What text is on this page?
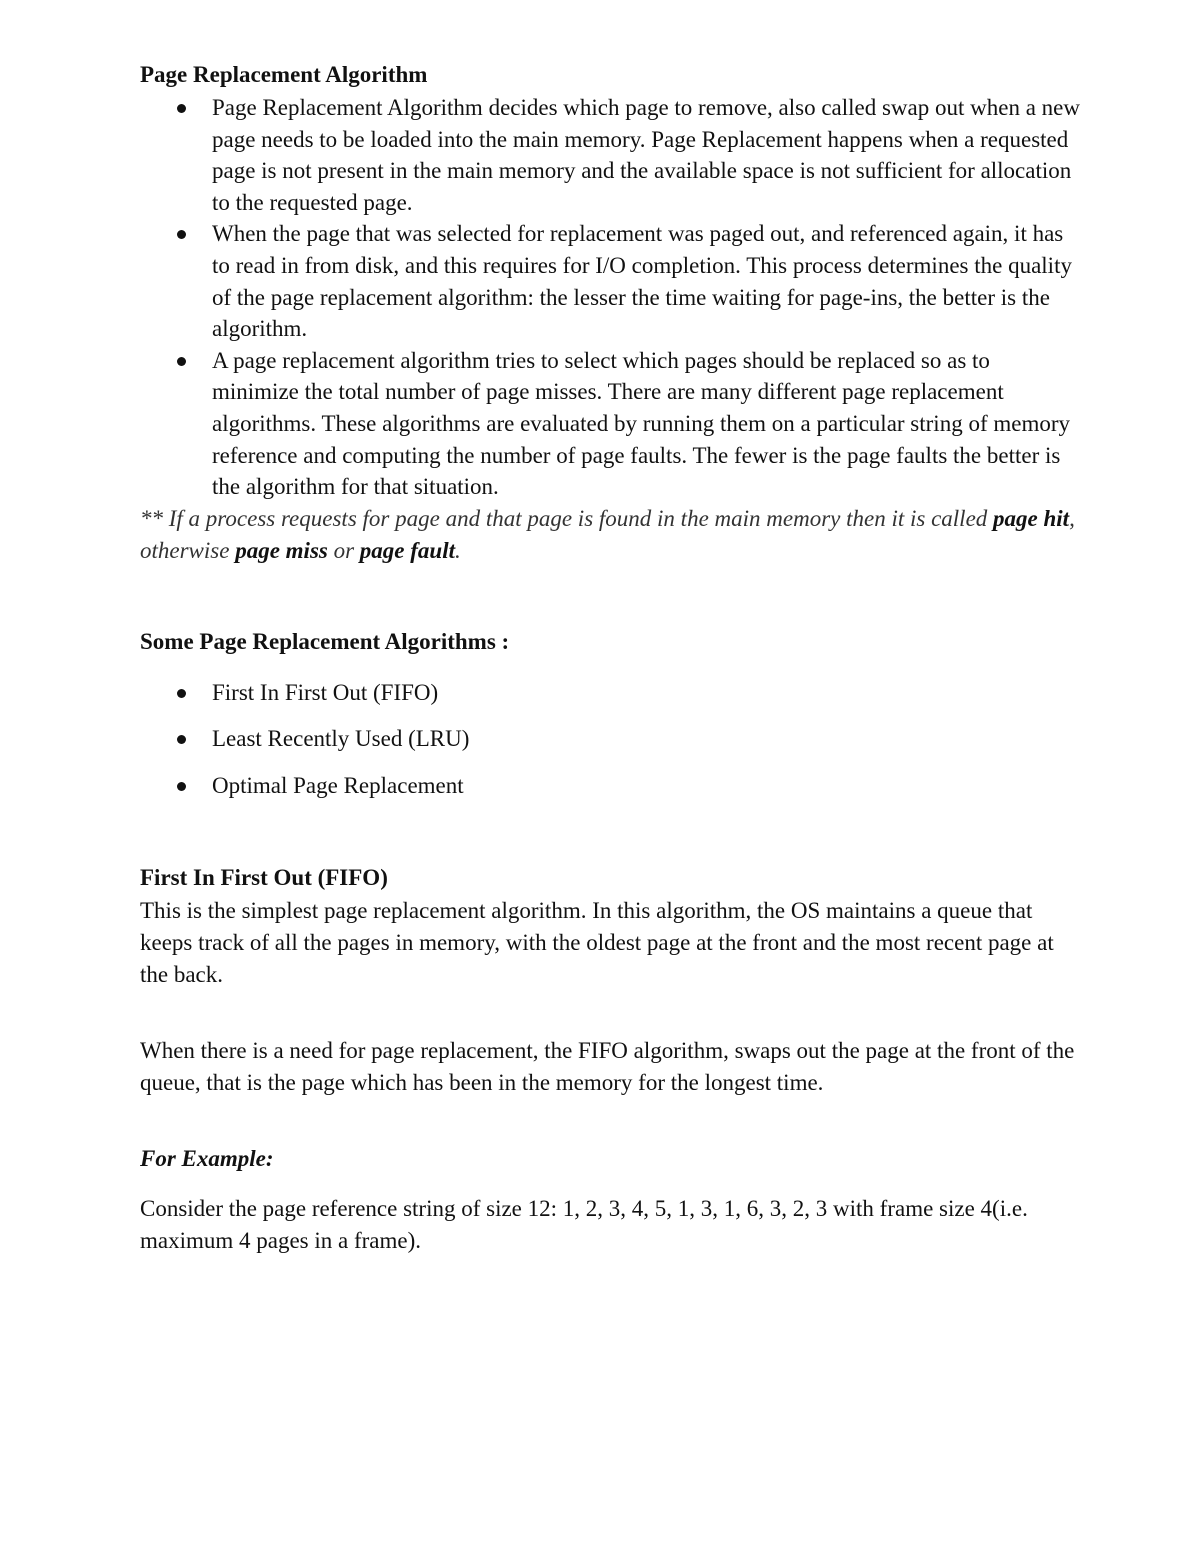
Page Replacement Algorithm
Page Replacement Algorithm decides which page to remove, also called swap out when a new page needs to be loaded into the main memory. Page Replacement happens when a requested page is not present in the main memory and the available space is not sufficient for allocation to the requested page.
When the page that was selected for replacement was paged out, and referenced again, it has to read in from disk, and this requires for I/O completion. This process determines the quality of the page replacement algorithm: the lesser the time waiting for page-ins, the better is the algorithm.
A page replacement algorithm tries to select which pages should be replaced so as to minimize the total number of page misses. There are many different page replacement algorithms. These algorithms are evaluated by running them on a particular string of memory reference and computing the number of page faults. The fewer is the page faults the better is the algorithm for that situation.

** If a process requests for page and that page is found in the main memory then it is called page hit, otherwise page miss or page fault.

Some Page Replacement Algorithms :
First In First Out (FIFO)
Least Recently Used (LRU)
Optimal Page Replacement
First In First Out (FIFO)

This is the simplest page replacement algorithm. In this algorithm, the OS maintains a queue that keeps track of all the pages in memory, with the oldest page at the front and the most recent page at the back.

When there is a need for page replacement, the FIFO algorithm, swaps out the page at the front of the queue, that is the page which has been in the memory for the longest time.

For Example:

Consider the page reference string of size 12: 1, 2, 3, 4, 5, 1, 3, 1, 6, 3, 2, 3 with frame size 4(i.e. maximum 4 pages in a frame).
